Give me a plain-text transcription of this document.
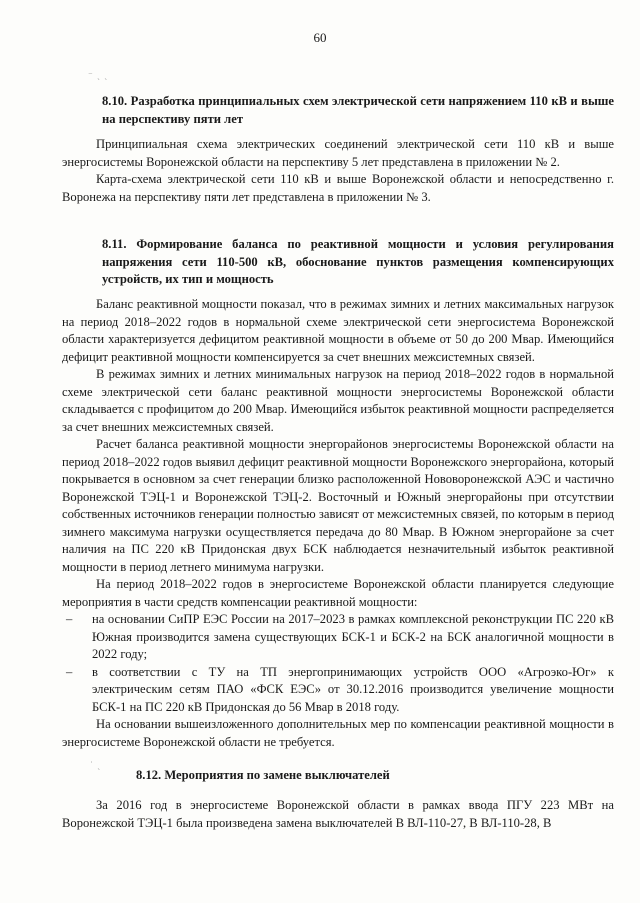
60
⁻ ˎ ˏ
˙ ˎ
8.10. Разработка принципиальных схем электрической сети напряжением 110 кВ и выше на перспективу пяти лет

Принципиальная схема электрических соединений электрической сети 110 кВ и выше энергосистемы Воронежской области на перспективу 5 лет представлена в приложении № 2.

Карта-схема электрической сети 110 кВ и выше Воронежской области и непосредственно г. Воронежа на перспективу пяти лет представлена в приложении № 3.

8.11. Формирование баланса по реактивной мощности и условия регулирования напряжения сети 110-500 кВ, обоснование пунктов размещения компенсирующих устройств, их тип и мощность

Баланс реактивной мощности показал, что в режимах зимних и летних максимальных нагрузок на период 2018–2022 годов в нормальной схеме электрической сети энергосистема Воронежской области характеризуется дефицитом реактивной мощности в объеме от 50 до 200 Мвар. Имеющийся дефицит реактивной мощности компенсируется за счет внешних межсистемных связей.

В режимах зимних и летних минимальных нагрузок на период 2018–2022 годов в нормальной схеме электрической сети баланс реактивной мощности энергосистемы Воронежской области складывается с профицитом до 200 Мвар. Имеющийся избыток реактивной мощности распределяется за счет внешних межсистемных связей.

Расчет баланса реактивной мощности энергорайонов энергосистемы Воронежской области на период 2018–2022 годов выявил дефицит реактивной мощности Воронежского энергорайона, который покрывается в основном за счет генерации близко расположенной Нововоронежской АЭС и частично Воронежской ТЭЦ-1 и Воронежской ТЭЦ-2. Восточный и Южный энергорайоны при отсутствии собственных источников генерации полностью зависят от межсистемных связей, по которым в период зимнего максимума нагрузки осуществляется передача до 80 Мвар. В Южном энергорайоне за счет наличия на ПС 220 кВ Придонская двух БСК наблюдается незначительный избыток реактивной мощности в период летнего минимума нагрузки.

На период 2018–2022 годов в энергосистеме Воронежской области планируется следующие мероприятия в части средств компенсации реактивной мощности:

– на основании СиПР ЕЭС России на 2017–2023 в рамках комплексной реконструкции ПС 220 кВ Южная производится замена существующих БСК-1 и БСК-2 на БСК аналогичной мощности в 2022 году;
– в соответствии с ТУ на ТП энергопринимающих устройств ООО «Агроэко-Юг» к электрическим сетям ПАО «ФСК ЕЭС» от 30.12.2016 производится увеличение мощности БСК-1 на ПС 220 кВ Придонская до 56 Мвар в 2018 году.

На основании вышеизложенного дополнительных мер по компенсации реактивной мощности в энергосистеме Воронежской области не требуется.

8.12. Мероприятия по замене выключателей

За 2016 год в энергосистеме Воронежской области в рамках ввода ПГУ 223 МВт на Воронежской ТЭЦ-1 была произведена замена выключателей В ВЛ-110-27, В ВЛ-110-28, В
